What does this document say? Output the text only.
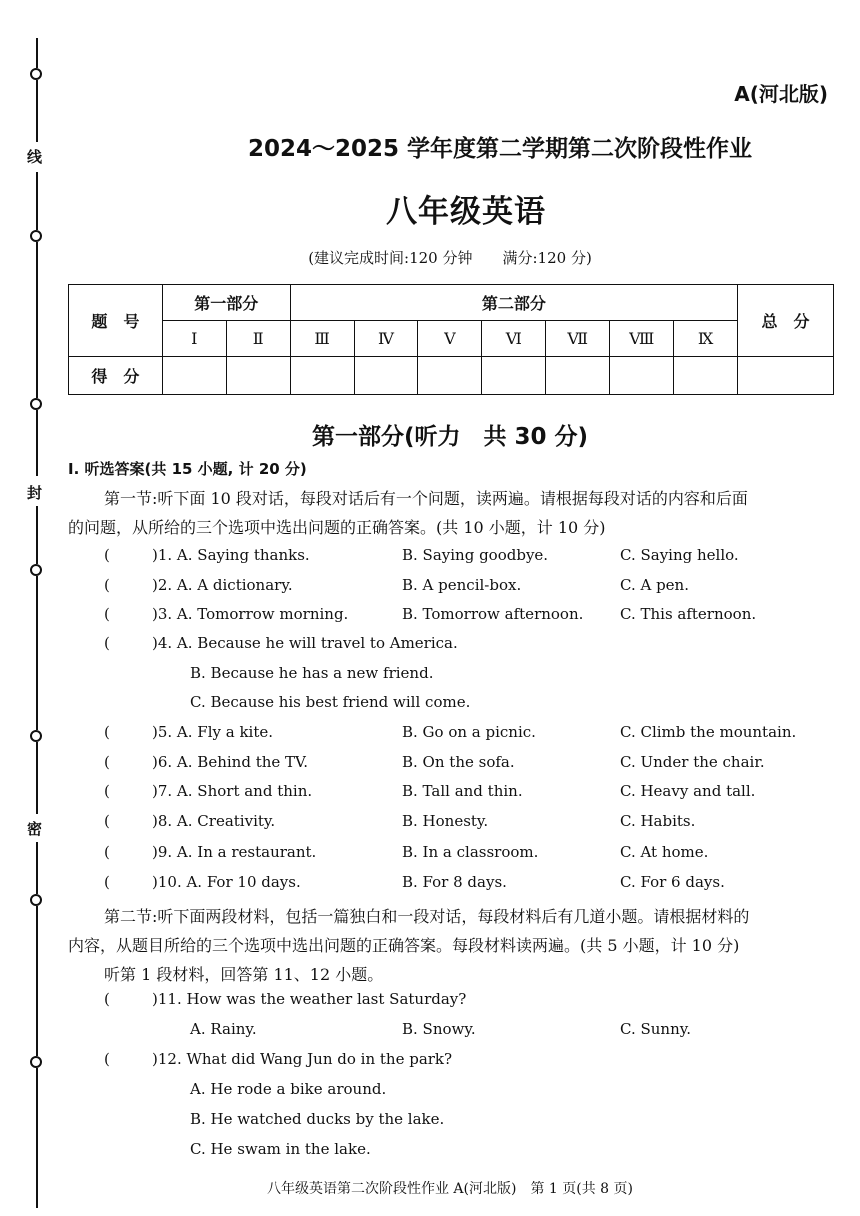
线
封
密
A(河北版)
2024～2025 学年度第二学期第二次阶段性作业
八年级英语
(建议完成时间:120 分钟　　满分:120 分)
题　号	第一部分		第二部分							总　分
	Ⅰ	Ⅱ	Ⅲ	Ⅳ	Ⅴ	Ⅵ	Ⅶ	Ⅷ	Ⅸ	
得　分										
第一部分(听力　共 30 分)
Ⅰ. 听选答案(共 15 小题, 计 20 分)
第一节:听下面 10 段对话，每段对话后有一个问题，读两遍。请根据每段对话的内容和后面
的问题，从所给的三个选项中选出问题的正确答案。(共 10 小题，计 10 分)
(	)1. A. Saying thanks.	B. Saying goodbye.	C. Saying hello.
(	)2. A. A dictionary.	B. A pencil-box.	C. A pen.
(	)3. A. Tomorrow morning.	B. Tomorrow afternoon. C. This afternoon.
(	)4. A. Because he will travel to America.
B. Because he has a new friend.
C. Because his best friend will come.
(	)5. A. Fly a kite.	B. Go on a picnic.	C. Climb the mountain.
(	)6. A. Behind the TV.	B. On the sofa.	C. Under the chair.
(	)7. A. Short and thin.	B. Tall and thin.	C. Heavy and tall.
(	)8. A. Creativity.	B. Honesty.	C. Habits.
(	)9. A. In a restaurant.	B. In a classroom.	C. At home.
(	)10. A. For 10 days.	B. For 8 days.	C. For 6 days.
第二节:听下面两段材料，包括一篇独白和一段对话，每段材料后有几道小题。请根据材料的
内容，从题目所给的三个选项中选出问题的正确答案。每段材料读两遍。(共 5 小题，计 10 分)
听第 1 段材料，回答第 11、12 小题。
(	)11. How was the weather last Saturday?
A. Rainy.	B. Snowy.	C. Sunny.
(	)12. What did Wang Jun do in the park?
A. He rode a bike around.
B. He watched ducks by the lake.
C. He swam in the lake.
八年级英语第二次阶段性作业 A(河北版)　第 1 页(共 8 页)
